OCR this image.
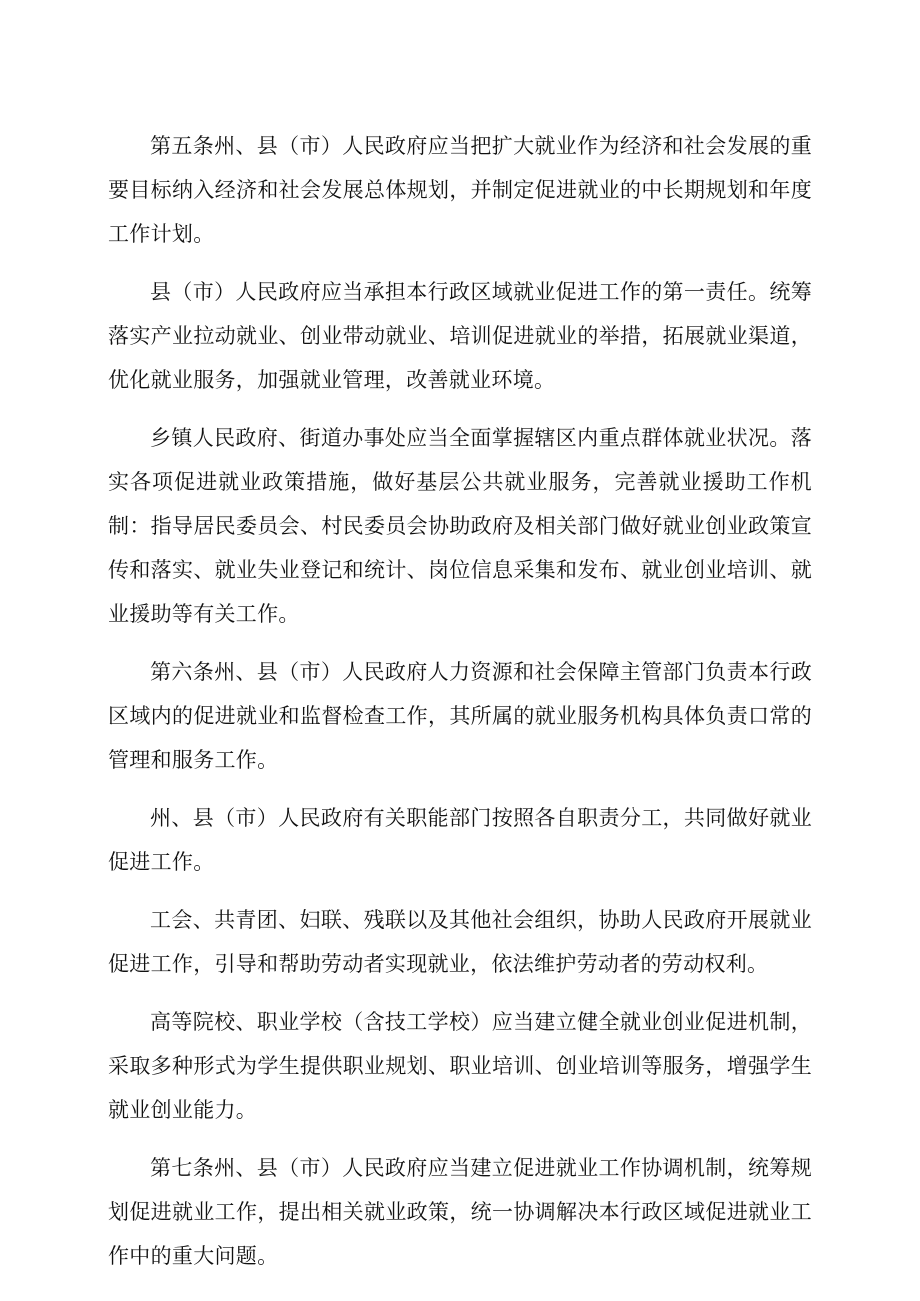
第五条州、县（市）人民政府应当把扩大就业作为经济和社会发展的重要目标纳入经济和社会发展总体规划，并制定促进就业的中长期规划和年度工作计划。

县（市）人民政府应当承担本行政区域就业促进工作的第一责任。统筹落实产业拉动就业、创业带动就业、培训促进就业的举措，拓展就业渠道，优化就业服务，加强就业管理，改善就业环境。

乡镇人民政府、街道办事处应当全面掌握辖区内重点群体就业状况。落实各项促进就业政策措施，做好基层公共就业服务，完善就业援助工作机制：指导居民委员会、村民委员会协助政府及相关部门做好就业创业政策宣传和落实、就业失业登记和统计、岗位信息采集和发布、就业创业培训、就业援助等有关工作。

第六条州、县（市）人民政府人力资源和社会保障主管部门负责本行政区域内的促进就业和监督检查工作，其所属的就业服务机构具体负责口常的管理和服务工作。

州、县（市）人民政府有关职能部门按照各自职责分工，共同做好就业促进工作。

工会、共青团、妇联、残联以及其他社会组织，协助人民政府开展就业促进工作，引导和帮助劳动者实现就业，依法维护劳动者的劳动权利。

高等院校、职业学校（含技工学校）应当建立健全就业创业促进机制，采取多种形式为学生提供职业规划、职业培训、创业培训等服务，增强学生就业创业能力。

第七条州、县（市）人民政府应当建立促进就业工作协调机制，统筹规划促进就业工作，提出相关就业政策，统一协调解决本行政区域促进就业工作中的重大问题。
